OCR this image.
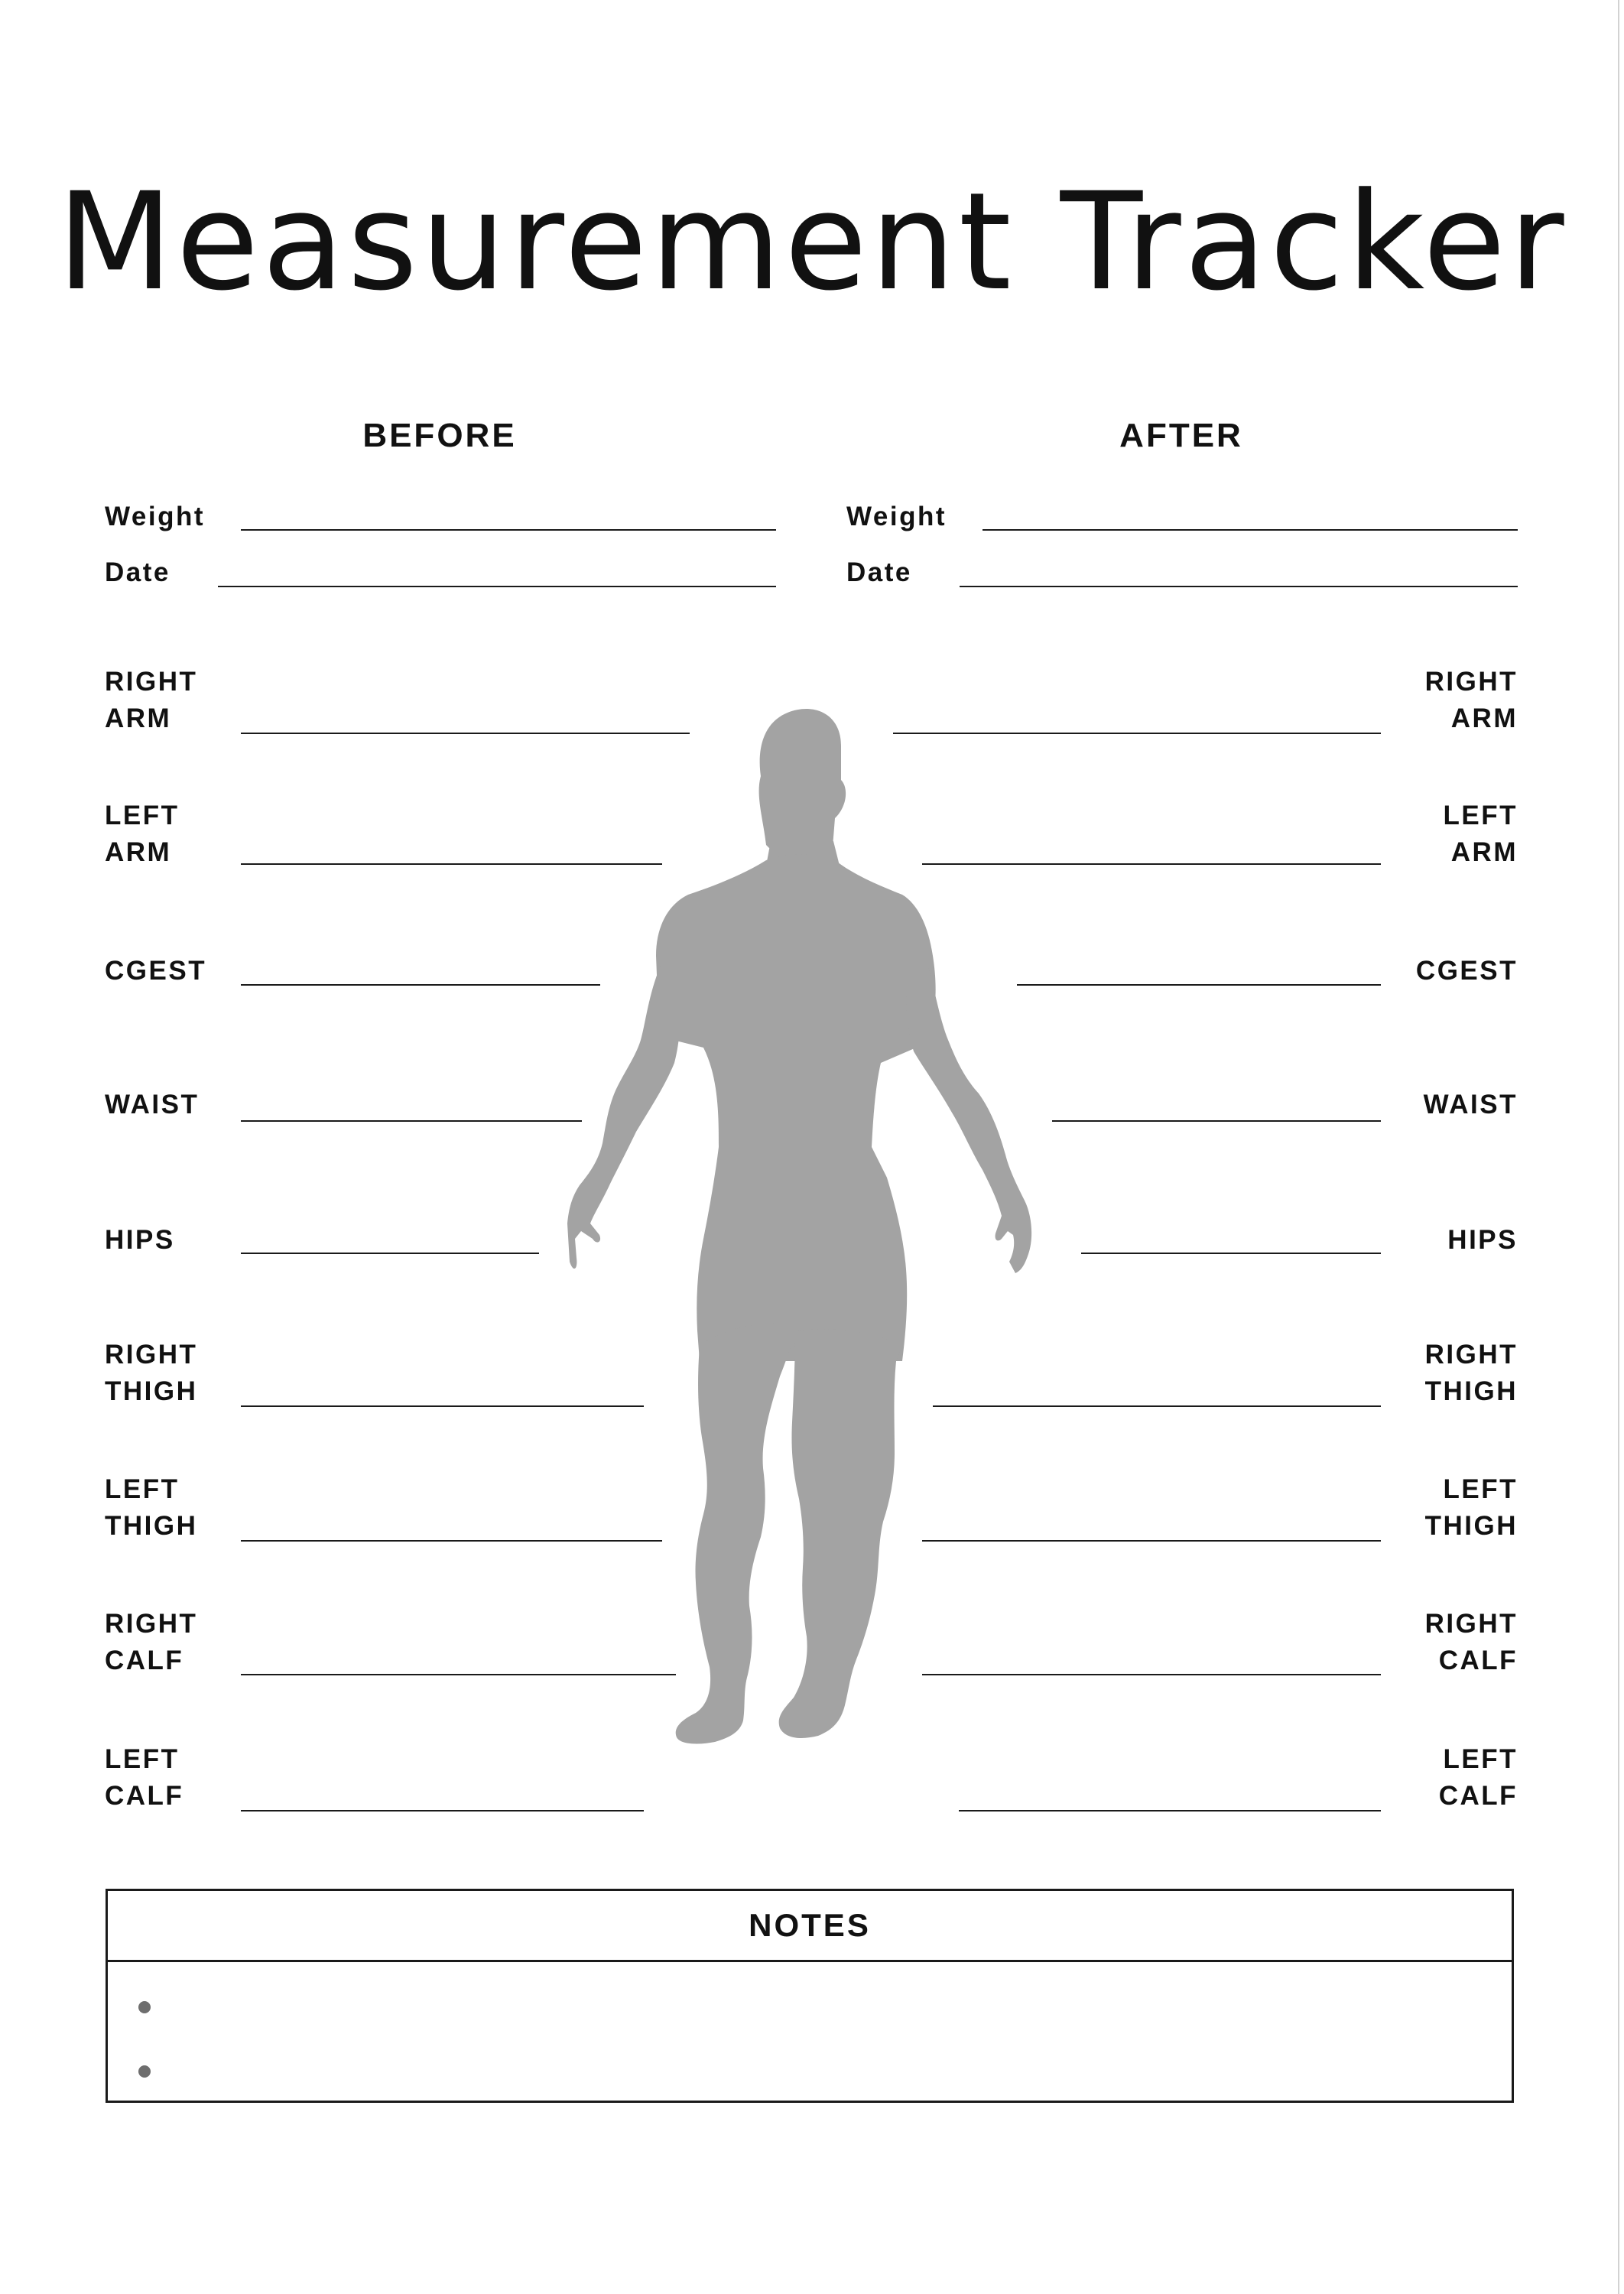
Measurement Tracker
BEFORE	AFTER
Weight
Date
Weight
Date
RIGHT
ARM
LEFT
ARM
CGEST
WAIST
HIPS
RIGHT
THIGH
LEFT
THIGH
RIGHT
CALF
LEFT
CALF
RIGHT
ARM
LEFT
ARM
CGEST
WAIST
HIPS
RIGHT
THIGH
LEFT
THIGH
RIGHT
CALF
LEFT
CALF
NOTES
